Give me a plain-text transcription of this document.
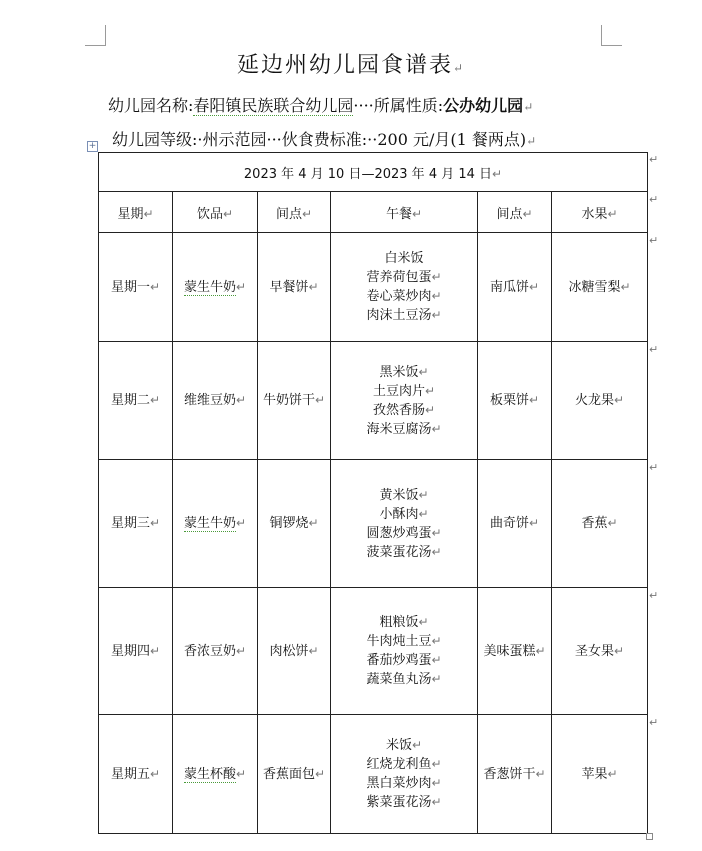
延边州幼儿园食谱表↵
幼儿园名称:春阳镇民族联合幼儿园····所属性质:公办幼儿园↵
幼儿园等级:·州示范园···伙食费标准:··200 元/月(1 餐两点)↵
+
2023 年 4 月 10 日—2023 年 4 月 14 日↵					
星期↵	饮品↵	间点↵	午餐↵	间点↵	水果↵
星期一↵	蒙生牛奶↵	早餐饼↵	白米饭
营养荷包蛋↵
卷心菜炒肉↵
肉沫土豆汤↵	南瓜饼↵	冰糖雪梨↵
星期二↵	维维豆奶↵	牛奶饼干↵	黑米饭↵
土豆肉片↵
孜然香肠↵
海米豆腐汤↵	板栗饼↵	火龙果↵
星期三↵	蒙生牛奶↵	铜锣烧↵	黄米饭↵
小酥肉↵
圆葱炒鸡蛋↵
菠菜蛋花汤↵	曲奇饼↵	香蕉↵
星期四↵	香浓豆奶↵	肉松饼↵	粗粮饭↵
牛肉炖土豆↵
番茄炒鸡蛋↵
蔬菜鱼丸汤↵	美味蛋糕↵	圣女果↵
星期五↵	蒙生杯酸↵	香蕉面包↵	米饭↵
红烧龙利鱼↵
黑白菜炒肉↵
紫菜蛋花汤↵	香葱饼干↵	苹果↵
↵
↵
↵
↵
↵
↵
↵
